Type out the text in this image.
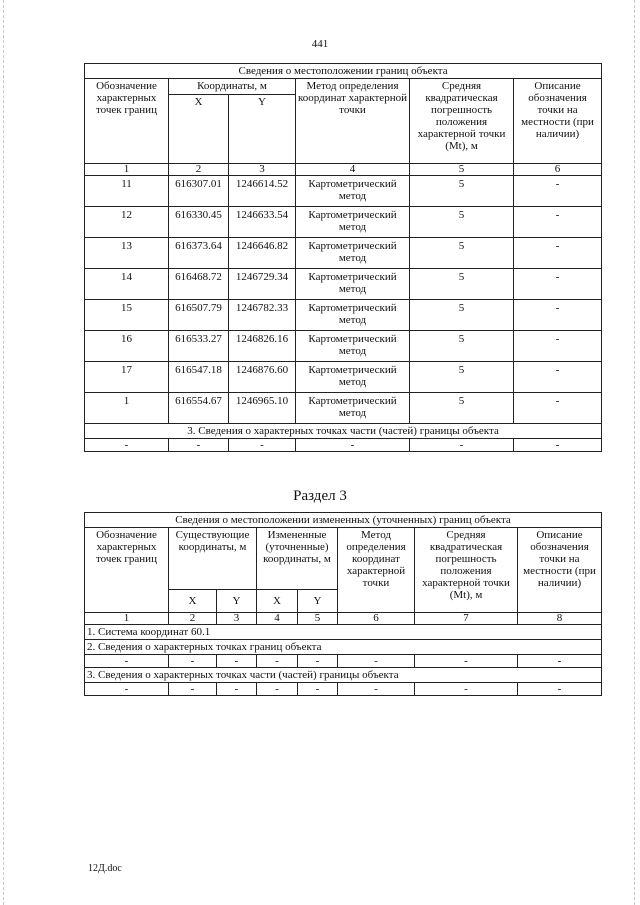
441
Сведения о местоположении границ объекта					
Обозначение характерных точек границ	Координаты, м		Метод определения координат характерной точки	Средняя квадратическая погрешность положения характерной точки (Mt), м	Описание обозначения точки на местности (при наличии)
	X	Y			
1	2	3	4	5	6
11	616307.01	1246614.52	Картометрический метод	5	-
12	616330.45	1246633.54	Картометрический метод	5	-
13	616373.64	1246646.82	Картометрический метод	5	-
14	616468.72	1246729.34	Картометрический метод	5	-
15	616507.79	1246782.33	Картометрический метод	5	-
16	616533.27	1246826.16	Картометрический метод	5	-
17	616547.18	1246876.60	Картометрический метод	5	-
1	616554.67	1246965.10	Картометрический метод	5	-
3. Сведения о характерных точках части (частей) границы объекта					
-	-	-	-	-	-
Раздел 3
Сведения о местоположении измененных (уточненных) границ объекта							
Обозначение характерных точек границ	Существующие координаты, м		Измененные (уточненные) координаты, м		Метод определения координат характерной точки	Средняя квадратическая погрешность положения характерной точки (Mt), м	Описание обозначения точки на местности (при наличии)
	X	Y	X	Y			
1	2	3	4	5	6	7	8
1. Система координат 60.1							
2. Сведения о характерных точках границ объекта							
-	-	-	-	-	-	-	-
3. Сведения о характерных точках части (частей) границы объекта							
-	-	-	-	-	-	-	-
12Д.doc
